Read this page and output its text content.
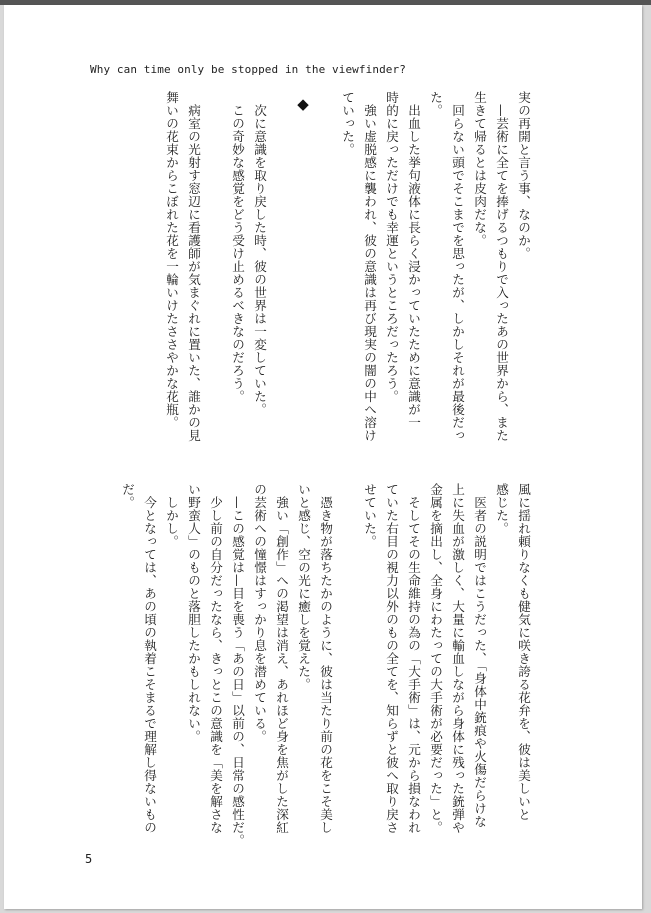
Why can time only be stopped in the viewfinder?
実の再開と言う事、なのか。
—芸術に全てを捧げるつもりで入ったあの世界から、また
生きて帰るとは皮肉だな。
回らない頭でそこまでを思ったが、しかしそれが最後だっ
た。
出血した挙句液体に長らく浸かっていたために意識が一
時的に戻っただけでも幸運というところだったろう。
強い虚脱感に襲われ、彼の意識は再び現実の闇の中へ溶け
ていった。
◆
次に意識を取り戻した時、彼の世界は一変していた。
この奇妙な感覚をどう受け止めるべきなのだろう。
病室の光射す窓辺に看護師が気まぐれに置いた、誰かの見
舞いの花束からこぼれた花を一輪いけたささやかな花瓶。
風に揺れ頼りなくも健気に咲き誇る花弁を、彼は美しいと
感じた。
医者の説明ではこうだった、「身体中銃痕や火傷だらけな
上に失血が激しく、大量に輸血しながら身体に残った銃弾や
金属を摘出し、全身にわたっての大手術が必要だった」と。
そしてその生命維持の為の「大手術」は、元から損なわれ
ていた右目の視力以外のもの全てを、知らずと彼へ取り戻さ
せていた。
憑き物が落ちたかのように、彼は当たり前の花をこそ美し
いと感じ、空の光に癒しを覚えた。
強い「創作」への渇望は消え、あれほど身を焦がした深紅
の芸術への憧憬はすっかり息を潜めている。
—この感覚は—目を喪う「あの日」以前の、日常の感性だ。
少し前の自分だったなら、きっとこの意識を「美を解さな
い野蛮人」のものと落胆したかもしれない。
しかし。
今となっては、あの頃の執着こそまるで理解し得ないもの
だ。
5
